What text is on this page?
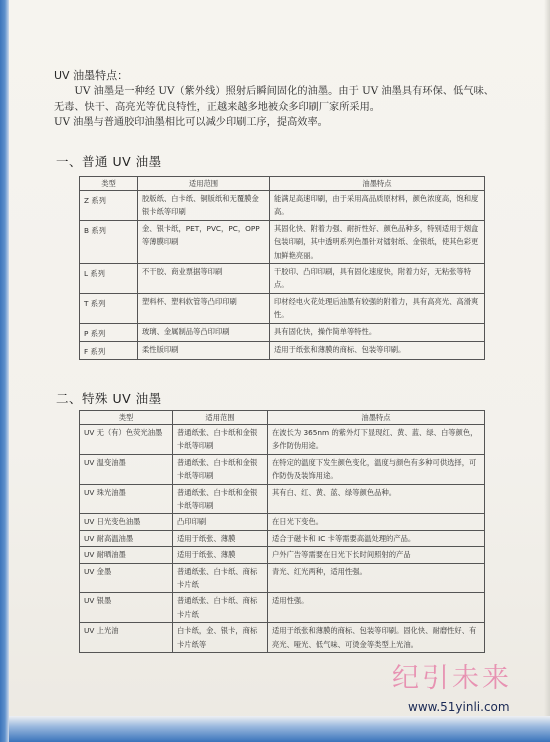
UV 油墨特点：
UV 油墨是一种经 UV（紫外线）照射后瞬间固化的油墨。由于 UV 油墨具有环保、低气味、无毒、快干、高亮光等优良特性，正越来越多地被众多印刷厂家所采用。
UV 油墨与普通胶印油墨相比可以减少印刷工序，提高效率。
一、普通 UV 油墨
类型	适用范围	油墨特点
Z 系列	胶版纸、白卡纸、铜版纸和无覆膜金银卡纸等印刷	能满足高速印刷，由于采用高品质原材料，颜色浓度高，饱和度高。
B 系列	金、银卡纸，PET，PVC，PC，OPP 等薄膜印刷	其固化快、附着力强、耐折性好、颜色品种多，特别适用于烟盒包装印刷，其中透明系列色墨针对镭射纸、金银纸，使其色彩更加鲜艳亮丽。
L 系列	不干胶、商业票据等印刷	干胶印、凸印印刷，具有固化速度快，附着力好，无粘张等特点。
T 系列	塑料杯、塑料软管等凸印印刷	印材经电火花处理后油墨有较强的附着力，具有高亮光、高滑爽性。
P 系列	玻璃、金属制品等凸印印刷	具有固化快，操作简单等特性。
F 系列	柔性版印刷	适用于纸张和薄膜的商标、包装等印刷。
二、特殊 UV 油墨
类型	适用范围	油墨特点
UV 无（有）色荧光油墨	普通纸张、白卡纸和金银卡纸等印刷	在波长为 365nm 的紫外灯下显现红、黄、蓝、绿、白等颜色，多作防伪用途。
UV 温变油墨	普通纸张、白卡纸和金银卡纸等印刷	在特定的温度下发生颜色变化，温度与颜色有多种可供选择，可作防伪及装饰用途。
UV 珠光油墨	普通纸张、白卡纸和金银卡纸等印刷	其有白、红、黄、蓝、绿等颜色品种。
UV 日光变色油墨	凸印印刷	在日光下变色。
UV 耐高温油墨	适用于纸张、薄膜	适合于磁卡和 IC 卡等需要高温处理的产品。
UV 耐晒油墨	适用于纸张、薄膜	户外广告等需要在日光下长时间照射的产品
UV 金墨	普通纸张、白卡纸、商标卡片纸	青光、红光两种，适用性强。
UV 银墨	普通纸张、白卡纸、商标卡片纸	适用性强。
UV 上光油	白卡纸，金、银卡，商标卡片纸等	适用于纸张和薄膜的商标、包装等印刷。固化快、耐磨性好、有亮光、哑光、低气味、可烫金等类型上光油。
纪引未来
www.51yinli.com
